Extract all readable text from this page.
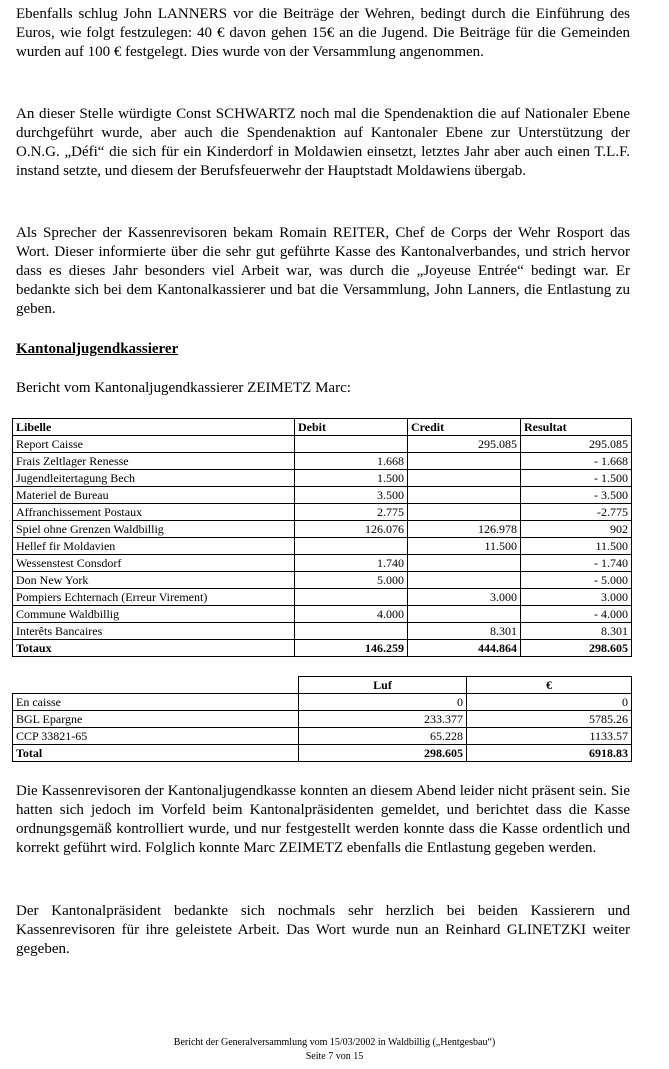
Ebenfalls schlug John LANNERS vor die Beiträge der Wehren, bedingt durch die Einführung des Euros, wie folgt festzulegen: 40 € davon gehen 15€ an die Jugend. Die Beiträge für die Gemeinden wurden auf 100 € festgelegt. Dies wurde von der Versammlung angenommen.

An dieser Stelle würdigte Const SCHWARTZ noch mal die Spendenaktion die auf Nationaler Ebene durchgeführt wurde, aber auch die Spendenaktion auf Kantonaler Ebene zur Unterstützung der O.N.G. „Défi“ die sich für ein Kinderdorf in Moldawien einsetzt, letztes Jahr aber auch einen T.L.F. instand setzte, und diesem der Berufsfeuerwehr der Hauptstadt Moldawiens übergab.

Als Sprecher der Kassenrevisoren bekam Romain REITER, Chef de Corps der Wehr Rosport das Wort. Dieser informierte über die sehr gut geführte Kasse des Kantonalverbandes, und strich hervor dass es dieses Jahr besonders viel Arbeit war, was durch die „Joyeuse Entrée“ bedingt war. Er bedankte sich bei dem Kantonalkassierer und bat die Versammlung, John Lanners, die Entlastung zu geben.

Kantonaljugendkassierer

Bericht vom Kantonaljugendkassierer ZEIMETZ Marc:

Libelle	Debit	Credit	Resultat
Report Caisse		295.085	295.085
Frais Zeltlager Renesse	1.668		- 1.668
Jugendleitertagung Bech	1.500		- 1.500
Materiel de Bureau	3.500		- 3.500
Affranchissement Postaux	2.775		-2.775
Spiel ohne Grenzen Waldbillig	126.076	126.978	902
Hellef fir Moldavien		11.500	11.500
Wessenstest Consdorf	1.740		- 1.740
Don New York	5.000		- 5.000
Pompiers Echternach (Erreur Virement)		3.000	3.000
Commune Waldbillig	4.000		- 4.000
Interêts Bancaires		8.301	8.301
Totaux	146.259	444.864	298.605
	Luf	€
En caisse	0	0
BGL Epargne	233.377	5785.26
CCP 33821-65	65.228	1133.57
Total	298.605	6918.83

Die Kassenrevisoren der Kantonaljugendkasse konnten an diesem Abend leider nicht präsent sein. Sie hatten sich jedoch im Vorfeld beim Kantonalpräsidenten gemeldet, und berichtet dass die Kasse ordnungsgemäß kontrolliert wurde, und nur festgestellt werden konnte dass die Kasse ordentlich und korrekt geführt wird. Folglich konnte Marc ZEIMETZ ebenfalls die Entlastung gegeben werden.

Der Kantonalpräsident bedankte sich nochmals sehr herzlich bei beiden Kassierern und Kassenrevisoren für ihre geleistete Arbeit. Das Wort wurde nun an Reinhard GLINETZKI weiter gegeben.

Bericht der Generalversammlung vom 15/03/2002 in Waldbillig („Hentgesbau“)
Seite 7 von 15
